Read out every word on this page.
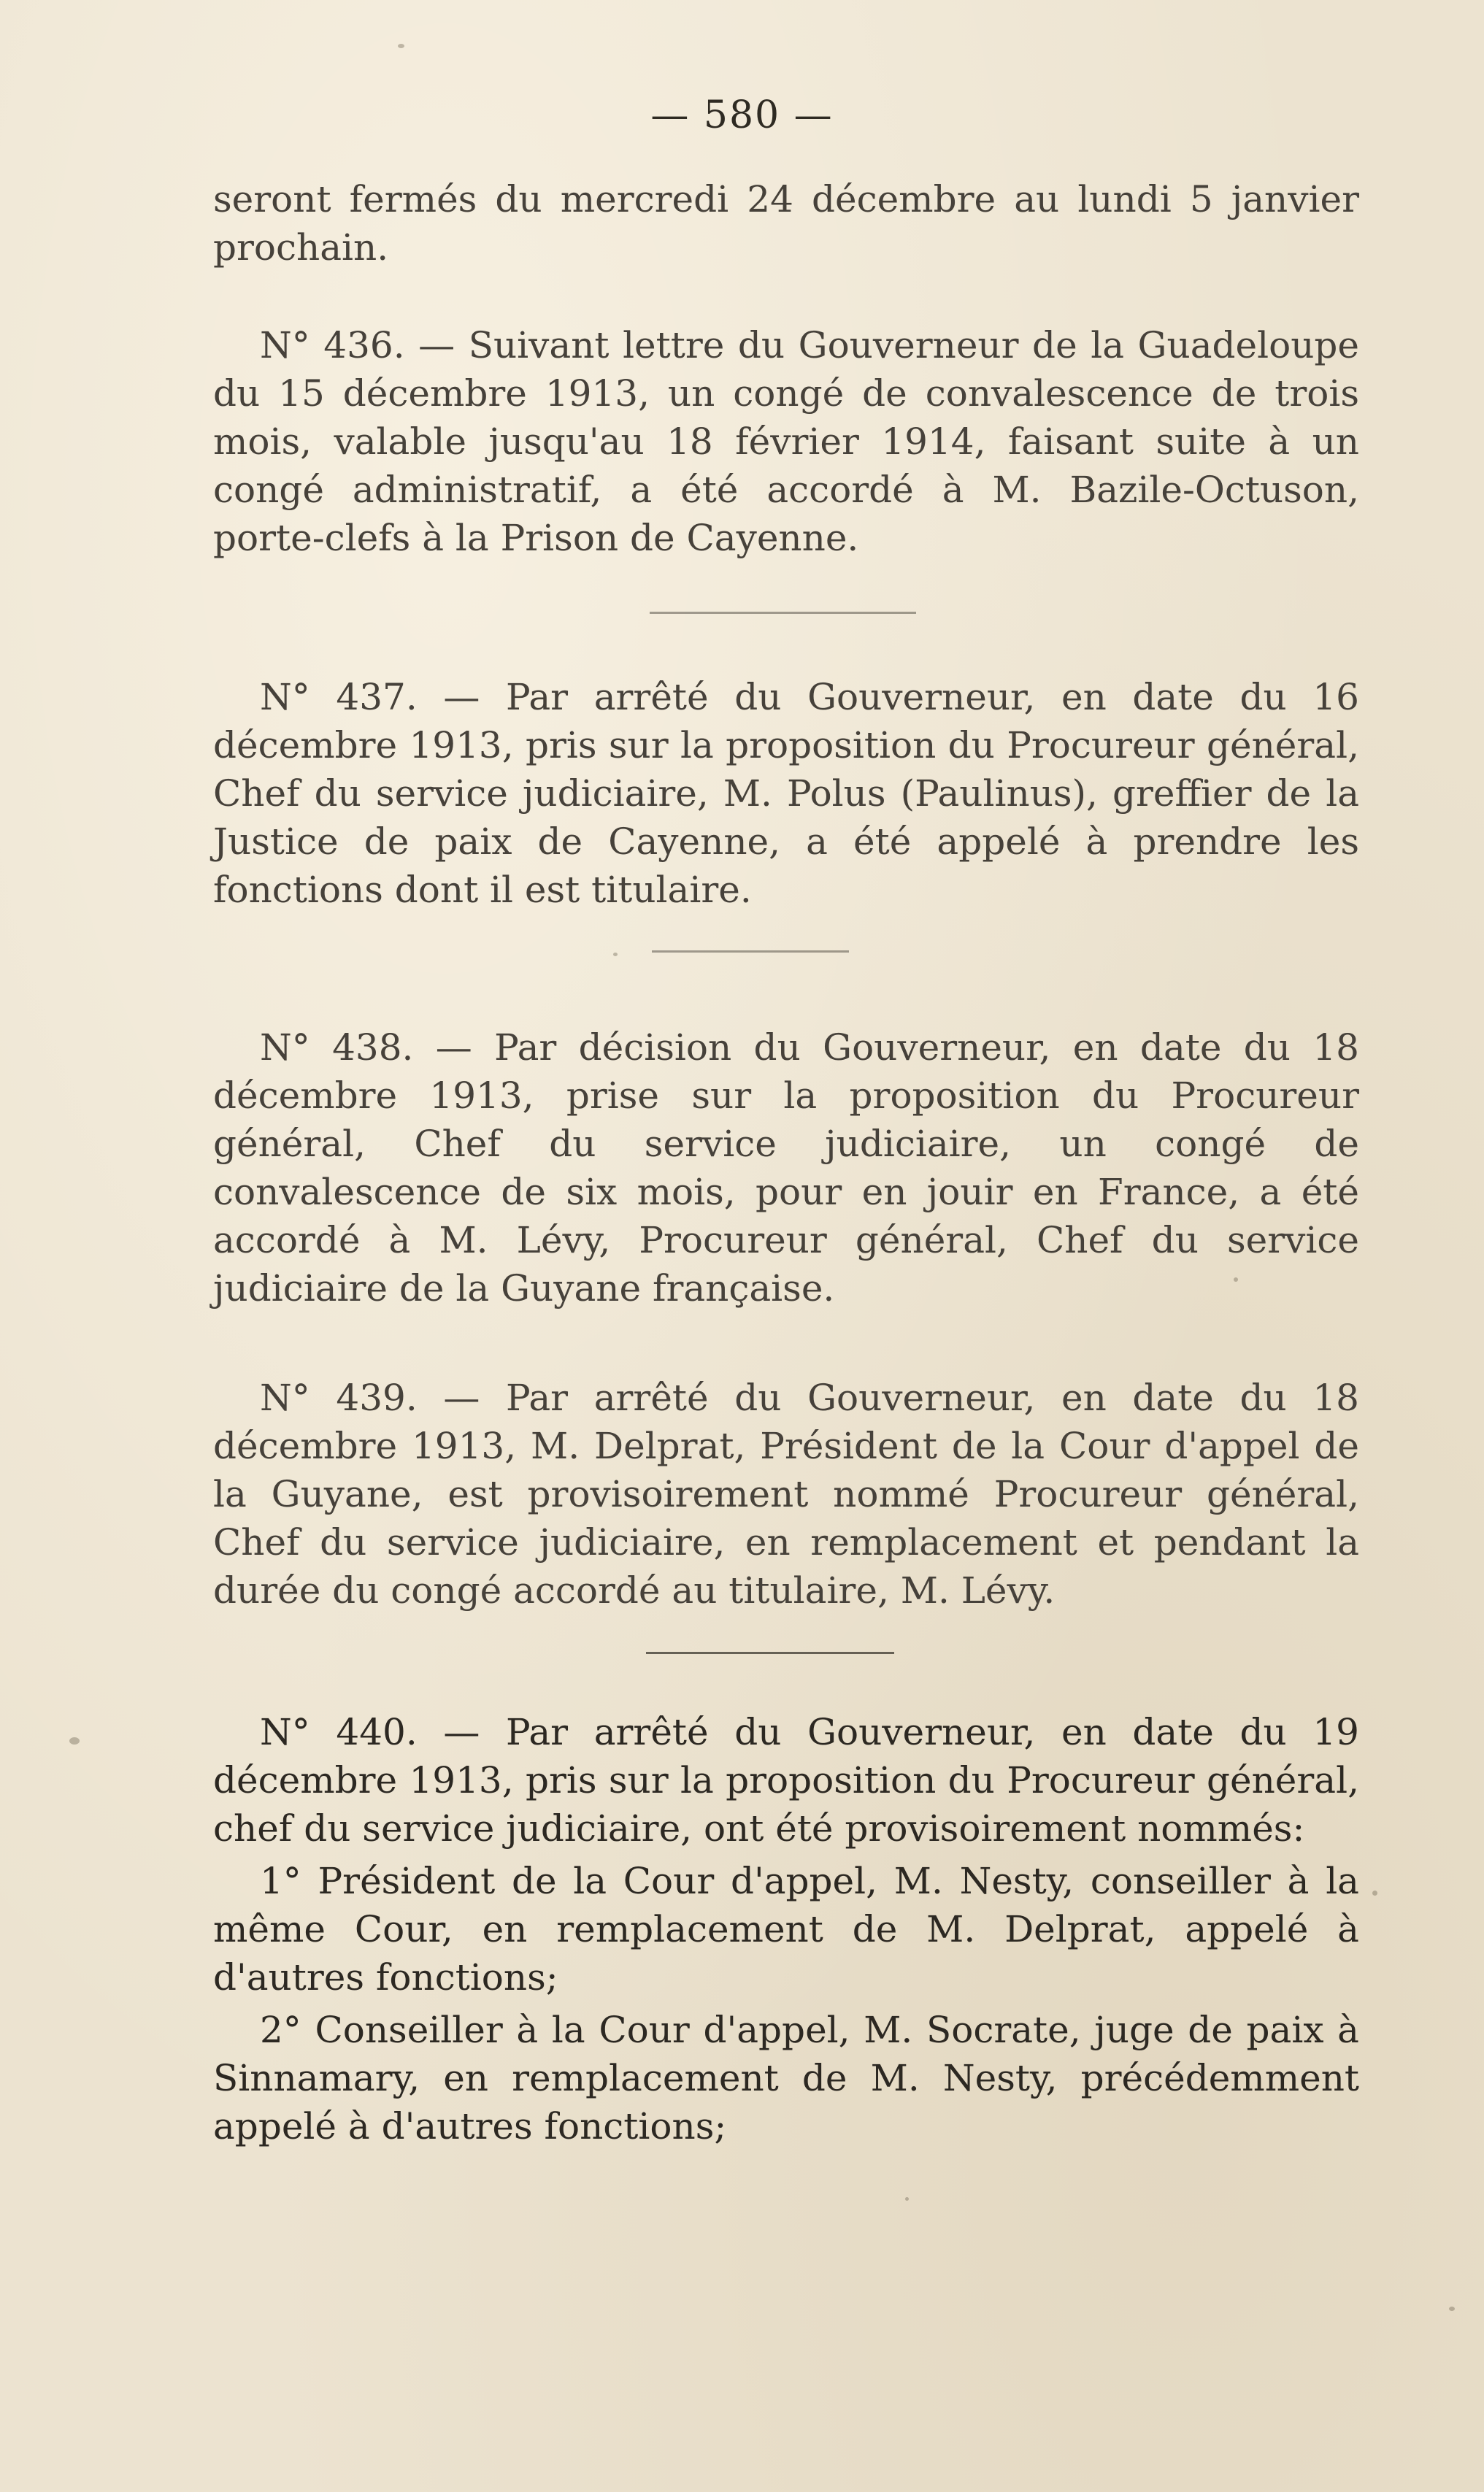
— 580 —

seront fermés du mercredi 24 décembre au lundi 5 janvier prochain.

N° 436. — Suivant lettre du Gouverneur de la Guadeloupe du 15 décembre 1913, un congé de convalescence de trois mois, valable jusqu'au 18 février 1914, faisant suite à un congé administratif, a été accordé à M. Bazile-Octuson, porte-clefs à la Prison de Cayenne.

N° 437. — Par arrêté du Gouverneur, en date du 16 décembre 1913, pris sur la proposition du Procureur général, Chef du service judiciaire, M. Polus (Paulinus), greffier de la Justice de paix de Cayenne, a été appelé à prendre les fonctions dont il est titulaire.

N° 438. — Par décision du Gouverneur, en date du 18 décembre 1913, prise sur la proposition du Procureur général, Chef du service judiciaire, un congé de convalescence de six mois, pour en jouir en France, a été accordé à M. Lévy, Procureur général, Chef du service judiciaire de la Guyane française.

N° 439. — Par arrêté du Gouverneur, en date du 18 décembre 1913, M. Delprat, Président de la Cour d'appel de la Guyane, est provisoirement nommé Procureur général, Chef du service judiciaire, en remplacement et pendant la durée du congé accordé au titulaire, M. Lévy.

N° 440. — Par arrêté du Gouverneur, en date du 19 décembre 1913, pris sur la proposition du Procureur général, chef du service judiciaire, ont été provisoirement nommés:

1° Président de la Cour d'appel, M. Nesty, conseiller à la même Cour, en remplacement de M. Delprat, appelé à d'autres fonctions;

2° Conseiller à la Cour d'appel, M. Socrate, juge de paix à Sinnamary, en remplacement de M. Nesty, précédemment appelé à d'autres fonctions;
